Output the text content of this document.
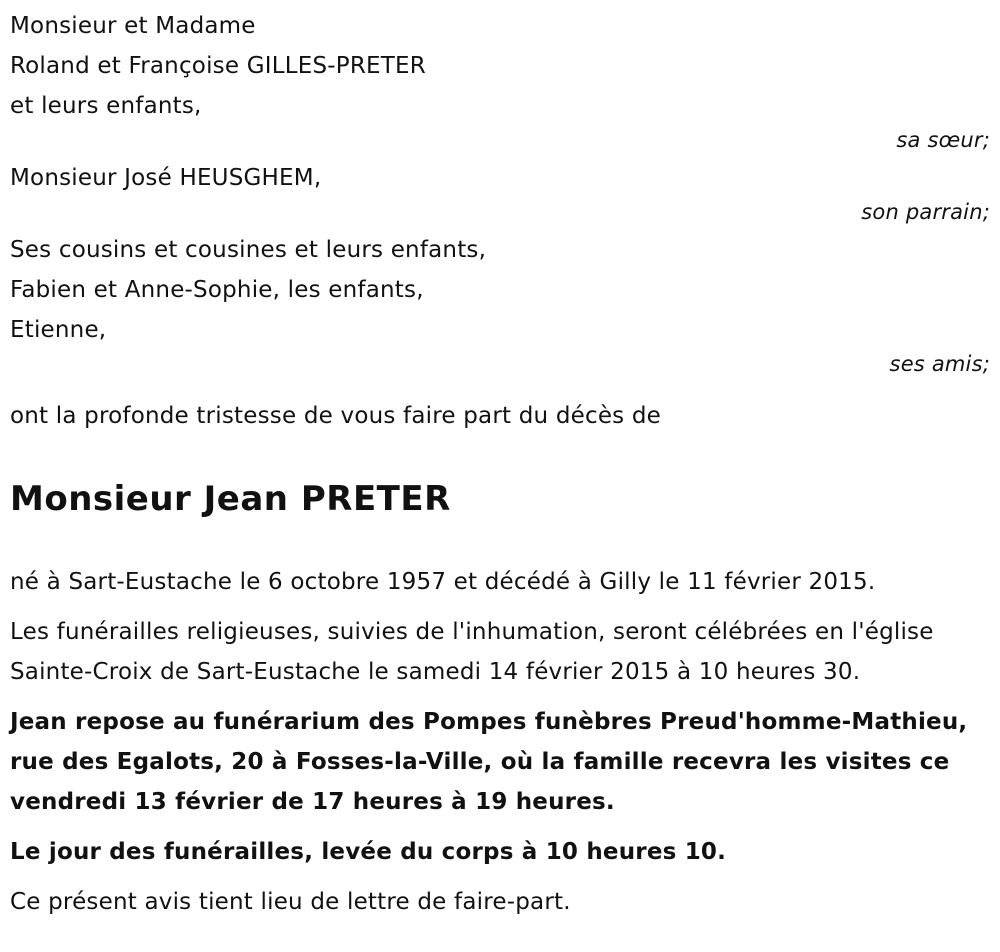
Monsieur et Madame
Roland et Françoise GILLES-PRETER
et leurs enfants,
sa sœur;
Monsieur José HEUSGHEM,
son parrain;
Ses cousins et cousines et leurs enfants,
Fabien et Anne-Sophie, les enfants,
Etienne,
ses amis;
ont la profonde tristesse de vous faire part du décès de
Monsieur Jean PRETER

né à Sart-Eustache le 6 octobre 1957 et décédé à Gilly le 11 février 2015.

Les funérailles religieuses, suivies de l'inhumation, seront célébrées en l'église Sainte-Croix de Sart-Eustache le samedi 14 février 2015 à 10 heures 30.

Jean repose au funérarium des Pompes funèbres Preud'homme-Mathieu, rue des Egalots, 20 à Fosses-la-Ville, où la famille recevra les visites ce vendredi 13 février de 17 heures à 19 heures.

Le jour des funérailles, levée du corps à 10 heures 10.

Ce présent avis tient lieu de lettre de faire-part.
